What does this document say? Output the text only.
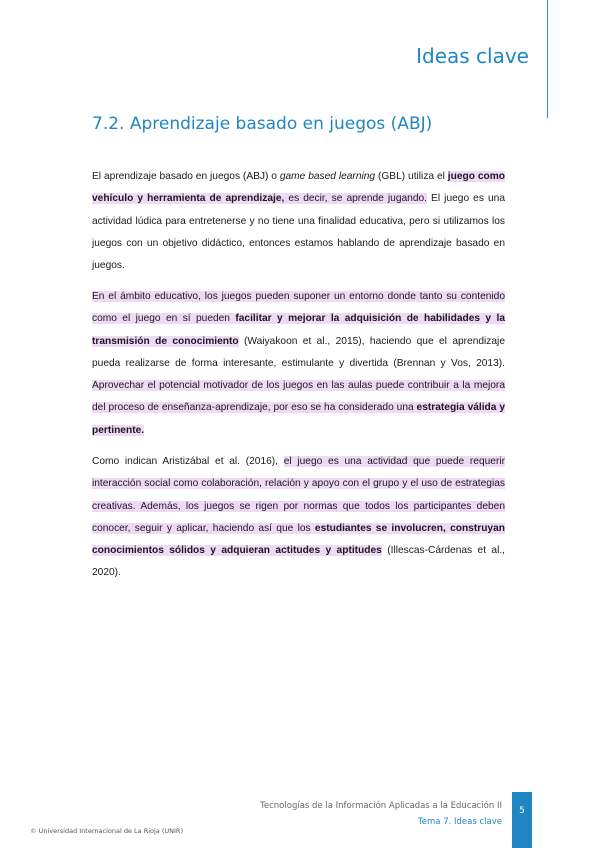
Ideas clave
7.2. Aprendizaje basado en juegos (ABJ)
El aprendizaje basado en juegos (ABJ) o game based learning (GBL) utiliza el juego como vehículo y herramienta de aprendizaje, es decir, se aprende jugando. El juego es una actividad lúdica para entretenerse y no tiene una finalidad educativa, pero si utilizamos los juegos con un objetivo didáctico, entonces estamos hablando de aprendizaje basado en juegos.
En el ámbito educativo, los juegos pueden suponer un entorno donde tanto su contenido como el juego en sí pueden facilitar y mejorar la adquisición de habilidades y la transmisión de conocimiento (Waiyakoon et al., 2015), haciendo que el aprendizaje pueda realizarse de forma interesante, estimulante y divertida (Brennan y Vos, 2013). Aprovechar el potencial motivador de los juegos en las aulas puede contribuir a la mejora del proceso de enseñanza-aprendizaje, por eso se ha considerado una estrategia válida y pertinente.
Como indican Aristizábal et al. (2016), el juego es una actividad que puede requerir interacción social como colaboración, relación y apoyo con el grupo y el uso de estrategias creativas. Además, los juegos se rigen por normas que todos los participantes deben conocer, seguir y aplicar, haciendo así que los estudiantes se involucren, construyan conocimientos sólidos y adquieran actitudes y aptitudes (Illescas-Cárdenas et al., 2020).
Tecnologías de la Información Aplicadas a la Educación II
Tema 7. Ideas clave
© Universidad Internacional de La Rioja (UNIR)
5
